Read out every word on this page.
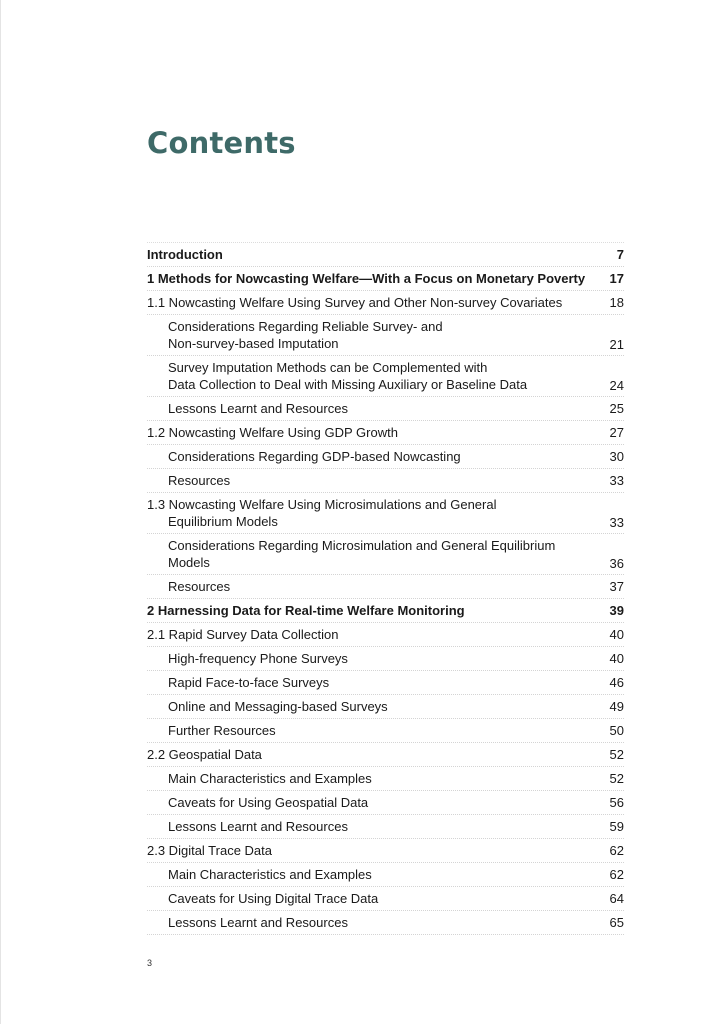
Contents
Introduction	7
1 Methods for Nowcasting Welfare—With a Focus on Monetary Poverty 17
1.1 Nowcasting Welfare Using Survey and Other Non-survey Covariates	18
Considerations Regarding Reliable Survey- and
Non-survey-based Imputation	21
Survey Imputation Methods can be Complemented with
Data Collection to Deal with Missing Auxiliary or Baseline Data	24
Lessons Learnt and Resources	25
1.2 Nowcasting Welfare Using GDP Growth	27
Considerations Regarding GDP-based Nowcasting	30
Resources	33
1.3 Nowcasting Welfare Using Microsimulations and General
Equilibrium Models	33
Considerations Regarding Microsimulation and General Equilibrium
Models	36
Resources	37
2 Harnessing Data for Real-time Welfare Monitoring	39
2.1 Rapid Survey Data Collection	40
High-frequency Phone Surveys	40
Rapid Face-to-face Surveys	46
Online and Messaging-based Surveys	49
Further Resources	50
2.2 Geospatial Data	52
Main Characteristics and Examples	52
Caveats for Using Geospatial Data	56
Lessons Learnt and Resources	59
2.3 Digital Trace Data	62
Main Characteristics and Examples	62
Caveats for Using Digital Trace Data	64
Lessons Learnt and Resources	65
3
